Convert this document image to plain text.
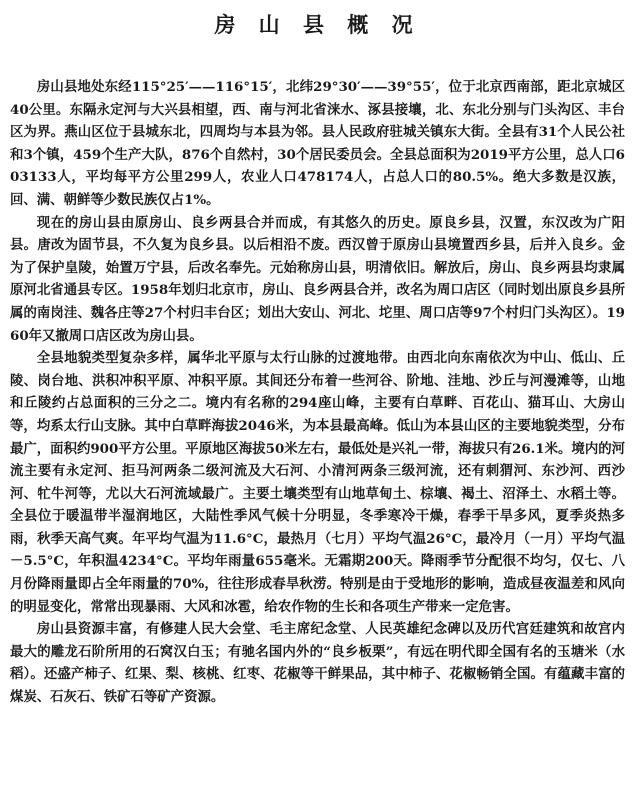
房 山 县 概 况

房山县地处东经115°25′——116°15′，北纬29°30′——39°55′，位于北京西南部，距北京城区40公里。东隔永定河与大兴县相望，西、南与河北省涞水、涿县接壤，北、东北分别与门头沟区、丰台区为界。燕山区位于县城东北，四周均与本县为邻。县人民政府驻城关镇东大街。全县有31个人民公社和3个镇，459个生产大队，876个自然村，30个居民委员会。全县总面积为2019平方公里，总人口603133人，平均每平方公里299人，农业人口478174人，占总人口的80.5%。绝大多数是汉族，回、满、朝鲜等少数民族仅占1%。

现在的房山县由原房山、良乡两县合并而成，有其悠久的历史。原良乡县，汉置，东汉改为广阳县。唐改为固节县，不久复为良乡县。以后相沿不废。西汉曾于原房山县境置西乡县，后并入良乡。金为了保护皇陵，始置万宁县，后改名奉先。元始称房山县，明清依旧。解放后，房山、良乡两县均隶属原河北省通县专区。1958年划归北京市，房山、良乡两县合并，改名为周口店区（同时划出原良乡县所属的南岗洼、魏各庄等27个村归丰台区；划出大安山、河北、坨里、周口店等97个村归门头沟区）。1960年又撤周口店区改为房山县。

全县地貌类型复杂多样，属华北平原与太行山脉的过渡地带。由西北向东南依次为中山、低山、丘陵、岗台地、洪积冲积平原、冲积平原。其间还分布着一些河谷、阶地、洼地、沙丘与河漫滩等，山地和丘陵约占总面积的三分之二。境内有名称的294座山峰，主要有白草畔、百花山、猫耳山、大房山等，均系太行山支脉。其中白草畔海拔2046米，为本县最高峰。低山为本县山区的主要地貌类型，分布最广，面积约900平方公里。平原地区海拔50米左右，最低处是兴礼一带，海拔只有26.1米。境内的河流主要有永定河、拒马河两条二级河流及大石河、小清河两条三级河流，还有刺猬河、东沙河、西沙河、牤牛河等，尤以大石河流域最广。主要土壤类型有山地草甸土、棕壤、褐土、沼泽土、水稻土等。全县位于暖温带半湿润地区，大陆性季风气候十分明显，冬季寒冷干燥，春季干旱多风，夏季炎热多雨，秋季天高气爽。年平均气温为11.6°C，最热月（七月）平均气温26°C，最冷月（一月）平均气温－5.5°C，年积温4234°C。平均年雨量655毫米。无霜期200天。降雨季节分配很不均匀，仅七、八月份降雨量即占全年雨量的70%，往往形成春旱秋涝。特别是由于受地形的影响，造成昼夜温差和风向的明显变化，常常出现暴雨、大风和冰雹，给农作物的生长和各项生产带来一定危害。

房山县资源丰富，有修建人民大会堂、毛主席纪念堂、人民英雄纪念碑以及历代宫廷建筑和故宫内最大的雕龙石阶所用的石窝汉白玉；有驰名国内外的“良乡板栗”，有远在明代即全国有名的玉塘米（水稻）。还盛产柿子、红果、梨、核桃、红枣、花椒等干鲜果品，其中柿子、花椒畅销全国。有蕴藏丰富的煤炭、石灰石、铁矿石等矿产资源。
